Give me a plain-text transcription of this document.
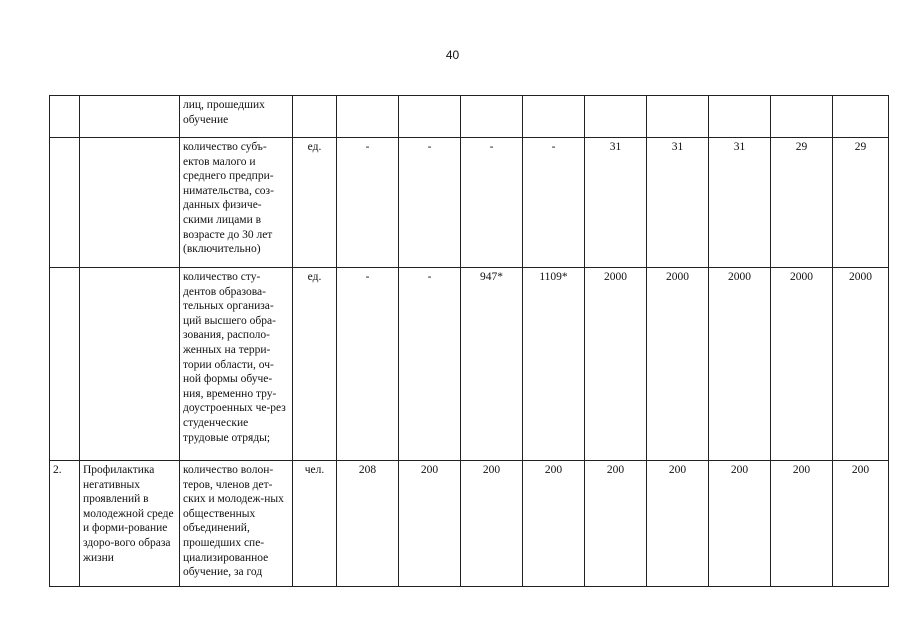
40
		лиц, прошедших обучение										
		количество субъ-ектов малого и среднего предпри-нимательства, соз-данных физиче-скими лицами в возрасте до 30 лет (включительно)	ед.	-	-	-	-	31	31	31	29	29
		количество сту-дентов образова-тельных организа-ций высшего обра-зования, располо-женных на терри-тории области, оч-ной формы обуче-ния, временно тру-доустроенных че-рез студенческие трудовые отряды;	ед.	-	-	947*	1109*	2000	2000	2000	2000	2000
2.	Профилактика негативных проявлений в молодежной среде и форми-рование здоро-вого образа жизни	количество волон-теров, членов дет-ских и молодеж-ных общественных объединений, прошедших спе-циализированное обучение, за год	чел.	208	200	200	200	200	200	200	200	200
